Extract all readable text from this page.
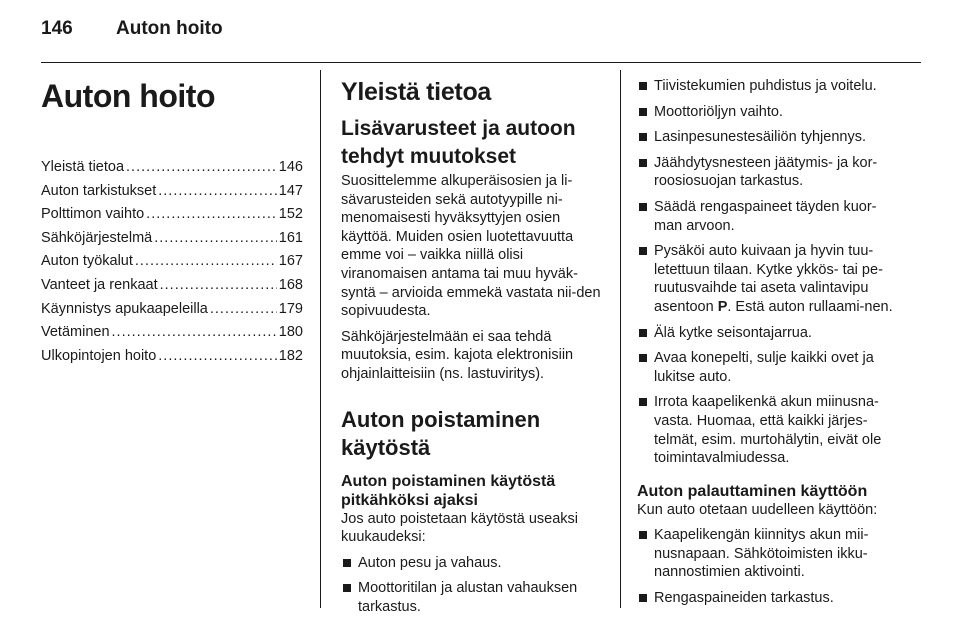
146 Auton hoito
Auton hoito
Yleistä tietoa .....	146
Auton tarkistukset .....	147
Polttimon vaihto .....	152
Sähköjärjestelmä .....	161
Auton työkalut .....	167
Vanteet ja renkaat .....	168
Käynnistys apukaapeleilla .....	179
Vetäminen .....	180
Ulkopintojen hoito .....	182
Yleistä tietoa
Lisävarusteet ja autoon tehdyt muutokset

Suosittelemme alkuperäisosien ja li-sävarusteiden sekä autotyypille ni-menomaisesti hyväksyttyjen osien käyttöä. Muiden osien luotettavuutta emme voi – vaikka niillä olisi viranomaisen antama tai muu hyväk-syntä – arvioida emmekä vastata nii-den sopivuudesta.

Sähköjärjestelmään ei saa tehdä muutoksia, esim. kajota elektronisiin ohjainlaitteisiin (ns. lastuviritys).

Auton poistaminen käytöstä
Auton poistaminen käytöstä pitkähköksi ajaksi

Jos auto poistetaan käytöstä useaksi kuukaudeksi:

Auton pesu ja vahaus.
Moottoritilan ja alustan vahauksen tarkastus.
Tiivistekumien puhdistus ja voitelu.
Moottoriöljyn vaihto.
Lasinpesunestesäiliön tyhjennys.
Jäähdytysnesteen jäätymis- ja kor-roosiosuojan tarkastus.
Säädä rengaspaineet täyden kuor-man arvoon.
Pysäköi auto kuivaan ja hyvin tuu-letettuun tilaan. Kytke ykkös- tai pe-ruutusvaihde tai aseta valintavipu asentoon P. Estä auton rullaami-nen.
Älä kytke seisontajarrua.
Avaa konepelti, sulje kaikki ovet ja lukitse auto.
Irrota kaapelikenkä akun miinusna-vasta. Huomaa, että kaikki järjes-telmät, esim. murtohälytin, eivät ole toimintavalmiudessa.
Auton palauttaminen käyttöön

Kun auto otetaan uudelleen käyttöön:

Kaapelikengän kiinnitys akun mii-nusnapaan. Sähkötoimisten ikku-nannostimien aktivointi.
Rengaspaineiden tarkastus.
